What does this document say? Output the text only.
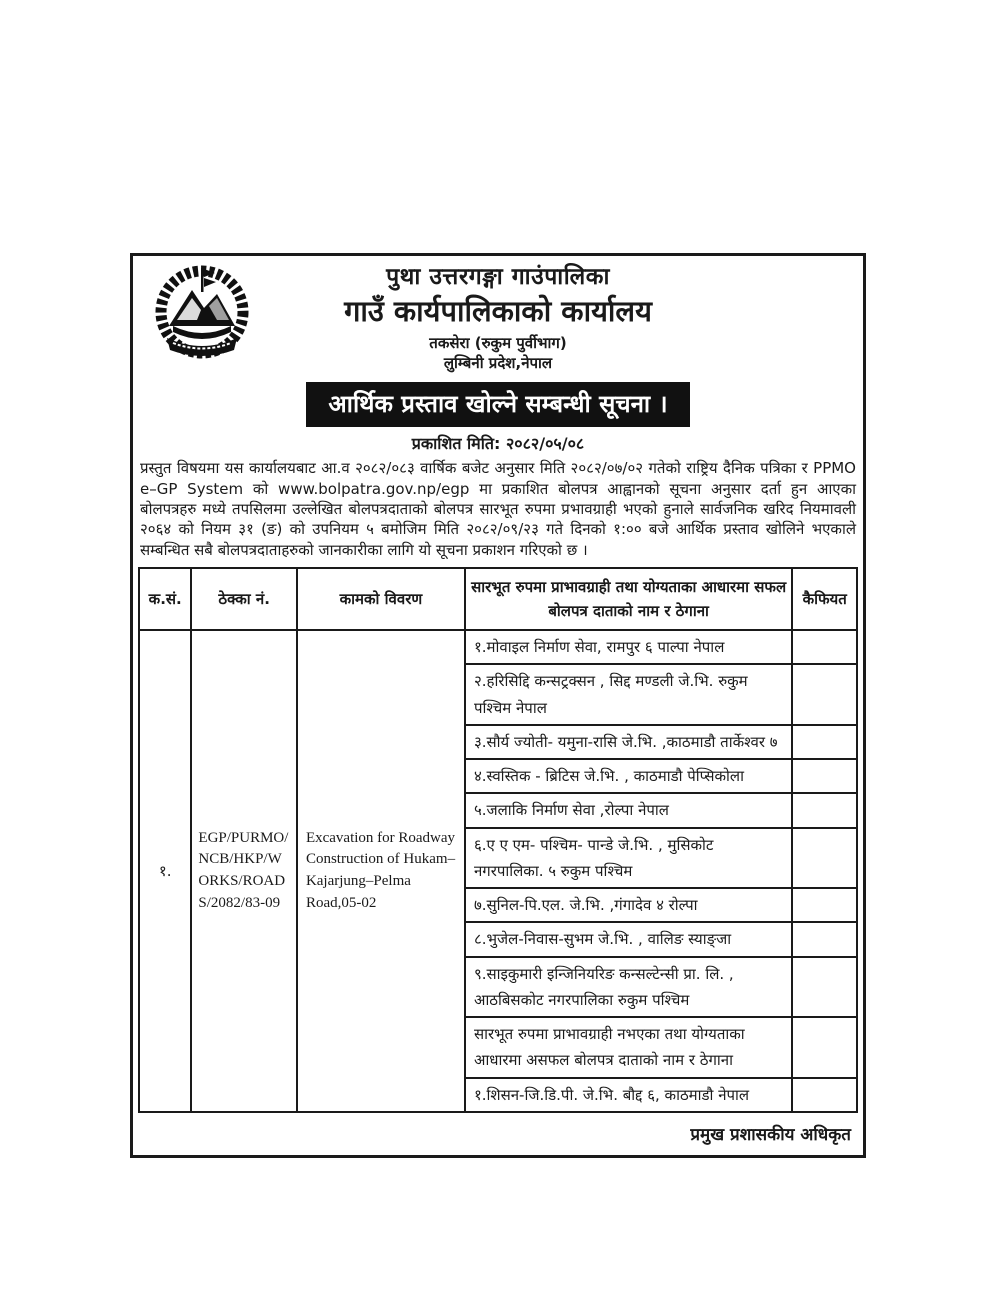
पुथा उत्तरगङ्गा गाउंपालिका
गाउँ कार्यपालिकाको कार्यालय
तकसेरा (रुकुम पुर्वीभाग)
लुम्बिनी प्रदेश,नेपाल
आर्थिक प्रस्ताव खोल्ने सम्बन्धी सूचना ।
प्रकाशित मिति: २०८२/०५/०८
प्रस्तुत विषयमा यस कार्यालयबाट आ.व २०८२/०८३ वार्षिक बजेट अनुसार मिति २०८२/०७/०२ गतेको राष्ट्रिय दैनिक पत्रिका र PPMO e–GP System को www.bolpatra.gov.np/egp मा प्रकाशित बोलपत्र आह्वानको सूचना अनुसार दर्ता हुन आएका बोलपत्रहरु मध्ये तपसिलमा उल्लेखित बोलपत्रदाताको बोलपत्र सारभूत रुपमा प्रभावग्राही भएको हुनाले सार्वजनिक खरिद नियमावली २०६४ को नियम ३१ (ङ) को उपनियम ५ बमोजिम मिति २०८२/०९/२३ गते दिनको १:०० बजे आर्थिक प्रस्ताव खोलिने भएकाले सम्बन्धित सबै बोलपत्रदाताहरुको जानकारीका लागि यो सूचना प्रकाशन गरिएको छ ।
क.सं.	ठेक्का नं.	कामको विवरण	सारभूत रुपमा प्राभावग्राही तथा योग्यताका आधारमा सफल बोलपत्र दाताको नाम र ठेगाना	कैफियत
१.	EGP/PURMO/NCB/HKP/WORKS/ROADS/2082/83-09	Excavation for Roadway Construction of Hukam–Kajarjung–Pelma Road,05-02	१.मोवाइल निर्माण सेवा, रामपुर ६ पाल्पा नेपाल	
			२.हरिसिद्दि कन्सट्रक्सन , सिद्द मण्डली जे.भि. रुकुम पश्चिम नेपाल	
			३.सौर्य ज्योती- यमुना-रासि जे.भि. ,काठमाडौ तार्केश्वर ७	
			४.स्वस्तिक - ब्रिटिस जे.भि. , काठमाडौ पेप्सिकोला	
			५.जलाकि निर्माण सेवा ,रोल्पा नेपाल	
			६.ए ए एम- पश्चिम- पान्डे जे.भि. , मुसिकोट नगरपालिका. ५ रुकुम पश्चिम	
			७.सुनिल-पि.एल. जे.भि. ,गंगादेव ४ रोल्पा	
			८.भुजेल-निवास-सुभम जे.भि. , वालिङ स्याङ्जा	
			९.साइकुमारी इन्जिनियरिङ कन्सल्टेन्सी प्रा. लि. , आठबिसकोट नगरपालिका रुकुम पश्चिम	
			सारभूत रुपमा प्राभावग्राही नभएका तथा योग्यताका आधारमा असफल बोलपत्र दाताको नाम र ठेगाना	
			१.शिसन-जि.डि.पी. जे.भि. बौद्द ६, काठमाडौ नेपाल	
प्रमुख प्रशासकीय अधिकृत
